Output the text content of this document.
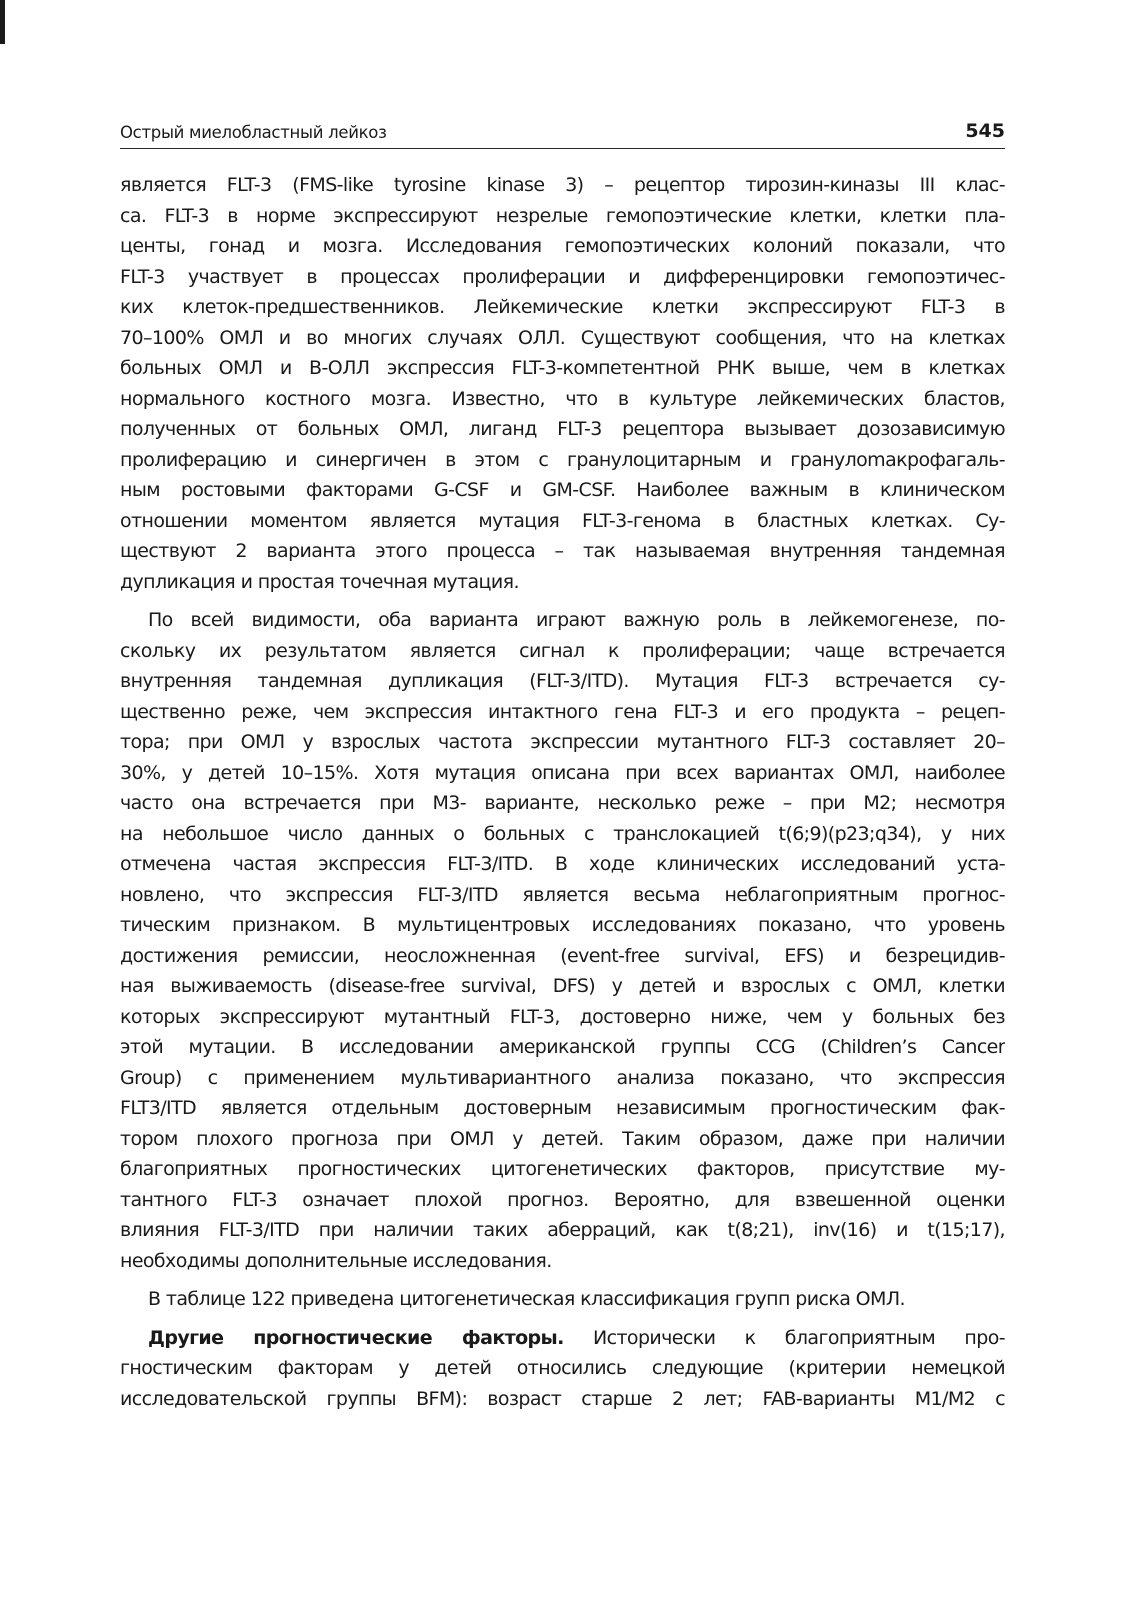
Острый миелобластный лейкоз	545
является FLT-3 (FMS-like tyrosine kinase 3) – рецептор тирозин-киназы III клас-
са. FLT-3 в норме экспрессируют незрелые гемопоэтические клетки, клетки пла-
центы, гонад и мозга. Исследования гемопоэтических колоний показали, что
FLT-3 участвует в процессах пролиферации и дифференцировки гемопоэтичес-
ких клеток-предшественников. Лейкемические клетки экспрессируют FLT-3 в
70–100% ОМЛ и во многих случаях ОЛЛ. Существуют сообщения, что на клетках
больных ОМЛ и В-ОЛЛ экспрессия FLT-3-компетентной РНК выше, чем в клетках
нормального костного мозга. Известно, что в культуре лейкемических бластов,
полученных от больных ОМЛ, лиганд FLT-3 рецептора вызывает дозозависимую
пролиферацию и синергичен в этом с гранулоцитарным и гранулоmакрофагаль-
ным ростовыми факторами G-CSF и GM-CSF. Наиболее важным в клиническом
отношении моментом является мутация FLT-3-генома в бластных клетках. Су-
ществуют 2 варианта этого процесса – так называемая внутренняя тандемная
дупликация и простая точечная мутация.
По всей видимости, оба варианта играют важную роль в лейкемогенезе, по-
скольку их результатом является сигнал к пролиферации; чаще встречается
внутренняя тандемная дупликация (FLT-3/ITD). Мутация FLT-3 встречается су-
щественно реже, чем экспрессия интактного гена FLT-3 и его продукта – рецеп-
тора; при ОМЛ у взрослых частота экспрессии мутантного FLT-3 составляет 20–
30%, у детей 10–15%. Хотя мутация описана при всех вариантах ОМЛ, наиболее
часто она встречается при М3- варианте, несколько реже – при М2; несмотря
на небольшое число данных о больных с транслокацией t(6;9)(p23;q34), у них
отмечена частая экспрессия FLT-3/ITD. В ходе клинических исследований уста-
новлено, что экспрессия FLT-3/ITD является весьма неблагоприятным прогнос-
тическим признаком. В мультицентровых исследованиях показано, что уровень
достижения ремиссии, неосложненная (event-free survival, EFS) и безрецидив-
ная выживаемость (disease-free survival, DFS) у детей и взрослых с ОМЛ, клетки
которых экспрессируют мутантный FLT-3, достоверно ниже, чем у больных без
этой мутации. В исследовании американской группы CCG (Children’s Cancer
Group) с применением мультивариантного анализа показано, что экспрессия
FLT3/ITD является отдельным достоверным независимым прогностическим фак-
тором плохого прогноза при ОМЛ у детей. Таким образом, даже при наличии
благоприятных прогностических цитогенетических факторов, присутствие му-
тантного FLT-3 означает плохой прогноз. Вероятно, для взвешенной оценки
влияния FLT-3/ITD при наличии таких аберраций, как t(8;21), inv(16) и t(15;17),
необходимы дополнительные исследования.
В таблице 122 приведена цитогенетическая классификация групп риска ОМЛ.
Другие прогностические факторы. Исторически к благоприятным про-
гностическим факторам у детей относились следующие (критерии немецкой
исследовательской группы BFM): возраст старше 2 лет; FAB-варианты М1/М2 с
